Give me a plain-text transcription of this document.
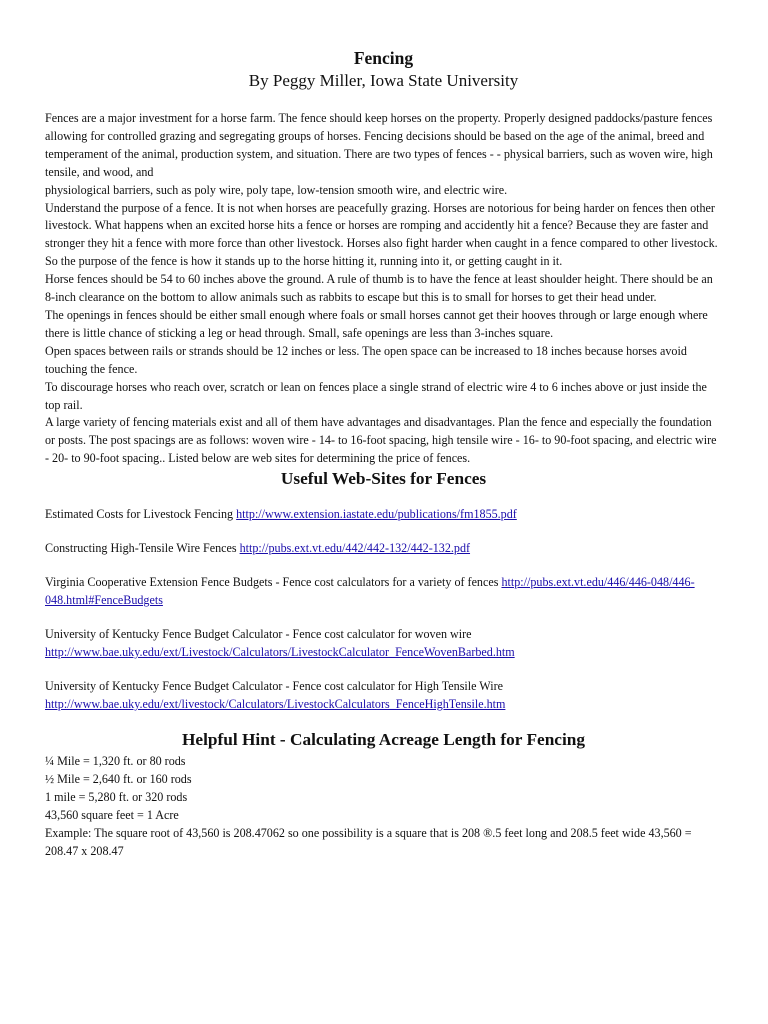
Fencing
By Peggy Miller, Iowa State University

Fences are a major investment for a horse farm. The fence should keep horses on the property. Properly designed paddocks/pasture fences allowing for controlled grazing and segregating groups of horses. Fencing decisions should be based on the age of the animal, breed and temperament of the animal, production system, and situation. There are two types of fences - - physical barriers, such as woven wire, high tensile, and wood, and

physiological barriers, such as poly wire, poly tape, low-tension smooth wire, and electric wire.

Understand the purpose of a fence. It is not when horses are peacefully grazing. Horses are notorious for being harder on fences then other livestock. What happens when an excited horse hits a fence or horses are romping and accidently hit a fence? Because they are faster and stronger they hit a fence with more force than other livestock. Horses also fight harder when caught in a fence compared to other livestock. So the purpose of the fence is how it stands up to the horse hitting it, running into it, or getting caught in it.

Horse fences should be 54 to 60 inches above the ground. A rule of thumb is to have the fence at least shoulder height. There should be an 8-inch clearance on the bottom to allow animals such as rabbits to escape but this is to small for horses to get their head under.

The openings in fences should be either small enough where foals or small horses cannot get their hooves through or large enough where there is little chance of sticking a leg or head through. Small, safe openings are less than 3-inches square.

Open spaces between rails or strands should be 12 inches or less. The open space can be increased to 18 inches because horses avoid touching the fence.

To discourage horses who reach over, scratch or lean on fences place a single strand of electric wire 4 to 6 inches above or just inside the top rail.

A large variety of fencing materials exist and all of them have advantages and disadvantages. Plan the fence and especially the foundation or posts. The post spacings are as follows: woven wire - 14- to 16-foot spacing, high tensile wire - 16- to 90-foot spacing, and electric wire - 20- to 90-foot spacing.. Listed below are web sites for determining the price of fences.

Useful Web-Sites for Fences
Estimated Costs for Livestock Fencing http://www.extension.iastate.edu/publications/fm1855.pdf
Constructing High-Tensile Wire Fences http://pubs.ext.vt.edu/442/442-132/442-132.pdf
Virginia Cooperative Extension Fence Budgets - Fence cost calculators for a variety of fences http://pubs.ext.vt.edu/446/446-048/446-048.html#FenceBudgets
University of Kentucky Fence Budget Calculator - Fence cost calculator for woven wire
http://www.bae.uky.edu/ext/Livestock/Calculators/LivestockCalculator_FenceWovenBarbed.htm
University of Kentucky Fence Budget Calculator - Fence cost calculator for High Tensile Wire
http://www.bae.uky.edu/ext/livestock/Calculators/LivestockCalculators_FenceHighTensile.htm
Helpful Hint - Calculating Acreage Length for Fencing

¼ Mile = 1,320 ft. or 80 rods

½ Mile = 2,640 ft. or 160 rods

1 mile = 5,280 ft. or 320 rods

43,560 square feet = 1 Acre

Example: The square root of 43,560 is 208.47062 so one possibility is a square that is 208 ®.5 feet long and 208.5 feet wide 43,560 = 208.47 x 208.47
